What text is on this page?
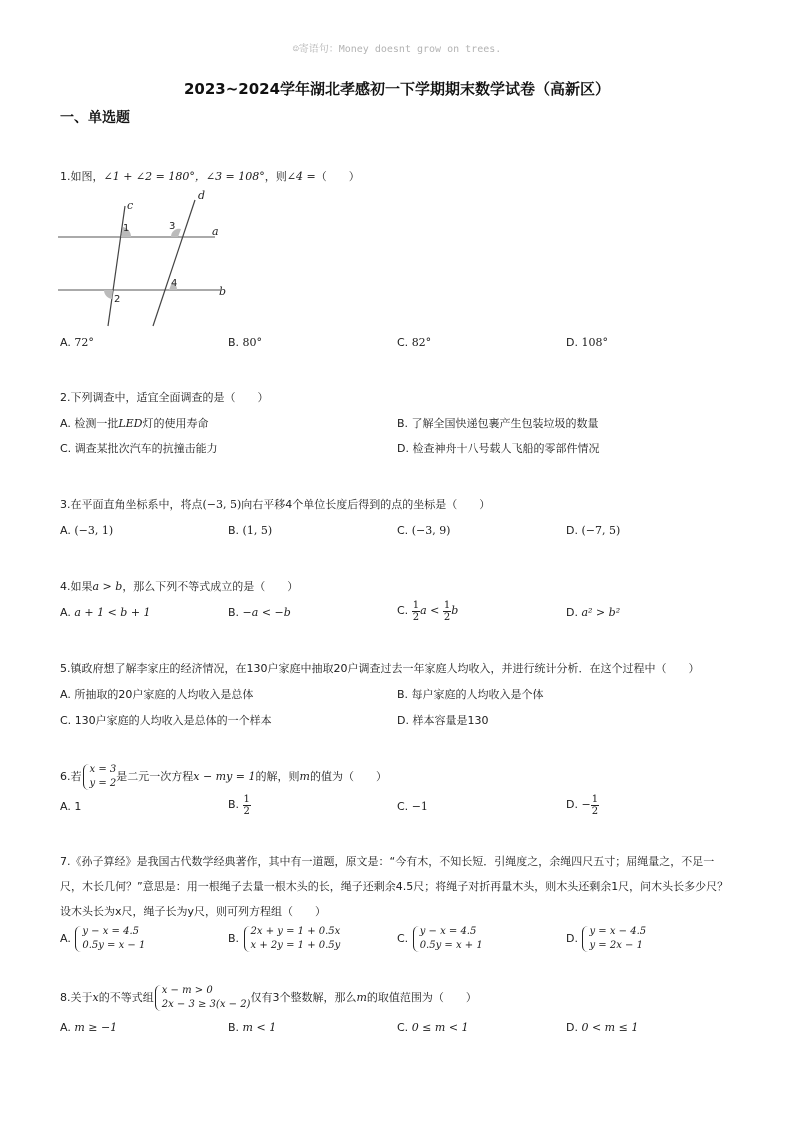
☺寄语句：Money doesnt grow on trees.
2023~2024学年湖北孝感初一下学期期末数学试卷（高新区）
一、单选题
1.如图，∠1 + ∠2 = 180°，∠3 = 108°，则∠4 =（　　）
c
d
a
b
1
2
3
4
A. 72°	B. 80°	C. 82°	D. 108°
2.下列调查中，适宜全面调查的是（　　）
A. 检测一批LED灯的使用寿命	B. 了解全国快递包裹产生包装垃圾的数量
C. 调查某批次汽车的抗撞击能力	D. 检查神舟十八号载人飞船的零部件情况
3.在平面直角坐标系中，将点(−3, 5)向右平移4个单位长度后得到的点的坐标是（　　）
A. (−3, 1)	B. (1, 5)	C. (−3, 9)	D. (−7, 5)
4.如果a > b，那么下列不等式成立的是（　　）
A. a + 1 < b + 1	B. −a < −b	C. $\frac{1}{2}$ $a < \frac{1}{2}$ b	D. a² > b²
5.镇政府想了解李家庄的经济情况，在130户家庭中抽取20户调查过去一年家庭人均收入，并进行统计分析．在这个过程中（　　）
A. 所抽取的20户家庭的人均收入是总体	B. 每户家庭的人均收入是个体
C. 130户家庭的人均收入是总体的一个样本	D. 样本容量是130
6.若
x = 3
y = 2
是二元一次方程x − my = 1的解，则m的值为（　　）
A. 1	B. $\frac{1}{2}$	C. −1	D. − $\frac{1}{2}$
7.《孙子算经》是我国古代数学经典著作，其中有一道题，原文是：“今有木，不知长短．引绳度之，余绳四尺五寸；屈绳量之，不足一
尺，木长几何？”意思是：用一根绳子去量一根木头的长，绳子还剩余4.5尺；将绳子对折再量木头，则木头还剩余1尺，问木头长多少尺？
设木头长为x尺，绳子长为y尺，则可列方程组（　　）
A.
y − x = 4.5
0.5y = x − 1
B.
2x + y = 1 + 0.5x
x + 2y = 1 + 0.5y
C.
y − x = 4.5
0.5y = x + 1
D.
y = x − 4.5
y = 2x − 1
8.关于x的不等式组
x − m > 0
2x − 3 ≥ 3(x − 2)
仅有3个整数解，那么m的取值范围为（　　）
A. m ≥ −1	B. m < 1	C. 0 ≤ m < 1	D. 0 < m ≤ 1
